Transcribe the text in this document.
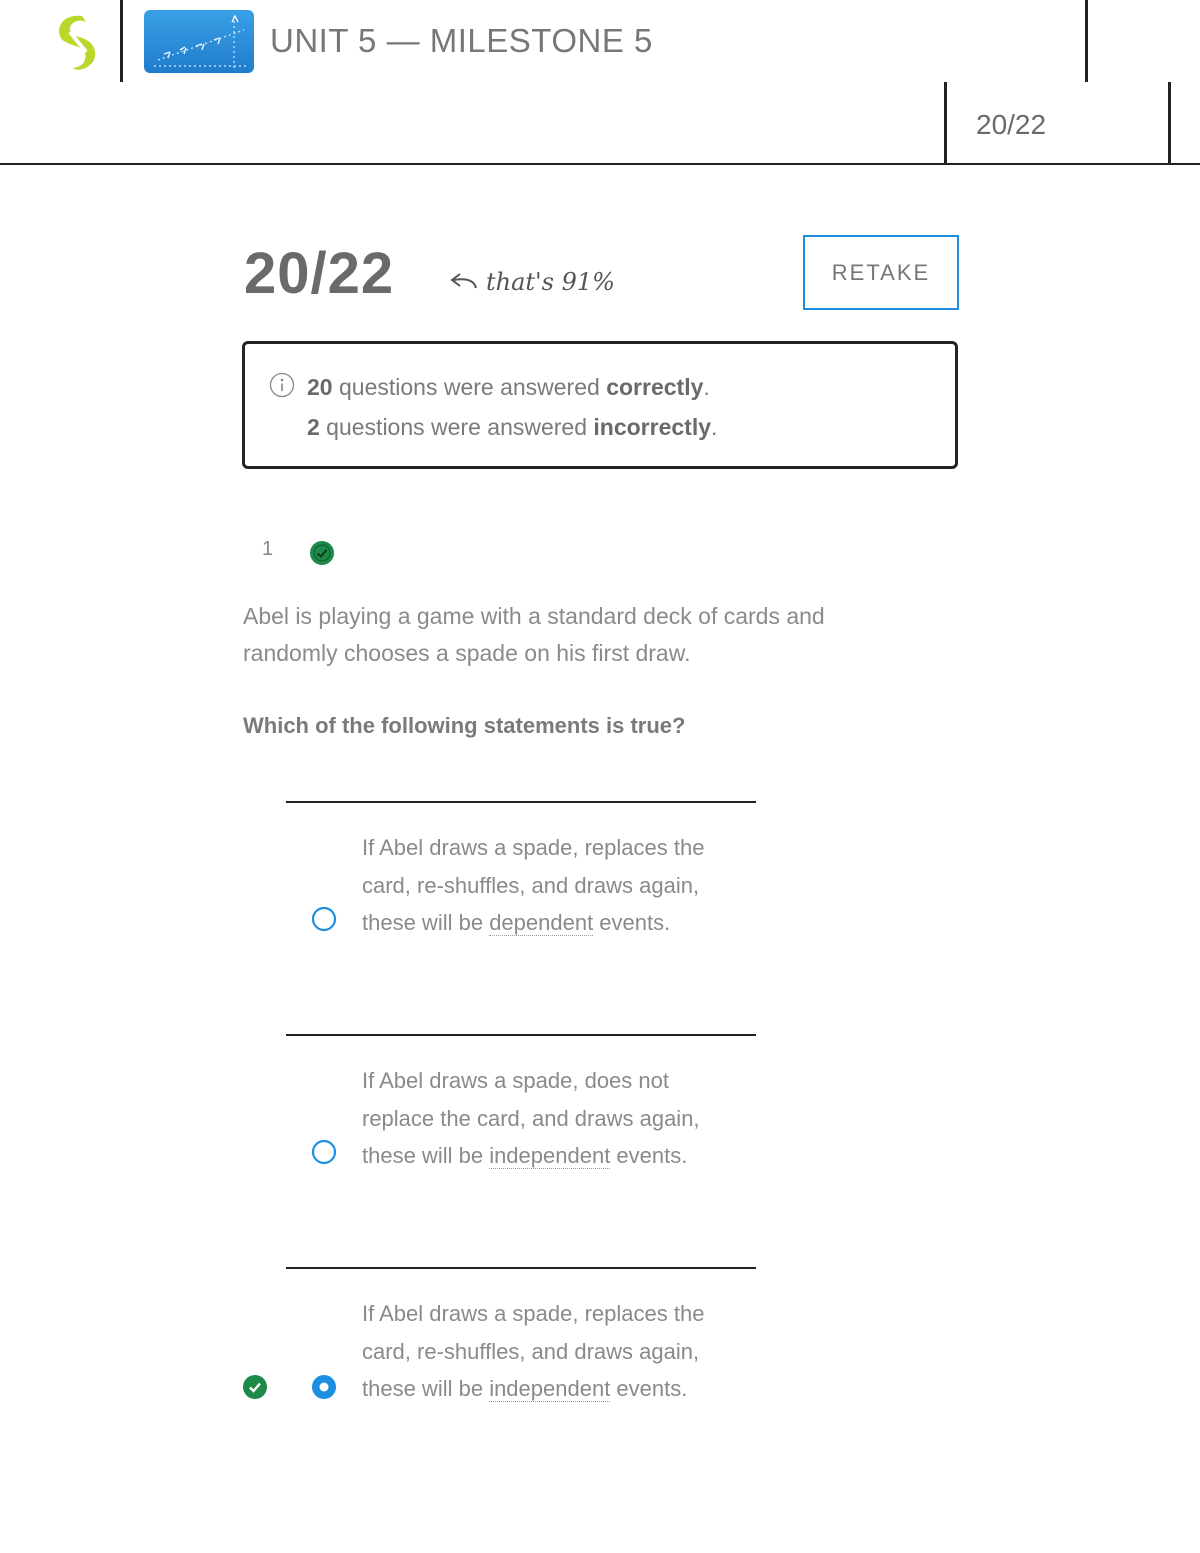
UNIT 5 — MILESTONE 5
20/22
20/22	that's 91%	RETAKE
20 questions were answered correctly.
2 questions were answered incorrectly.
1
Abel is playing a game with a standard deck of cards and randomly chooses a spade on his first draw.
Which of the following statements is true?
If Abel draws a spade, replaces the card, re-shuffles, and draws again, these will be dependent events.
If Abel draws a spade, does not replace the card, and draws again, these will be independent events.
If Abel draws a spade, replaces the card, re-shuffles, and draws again, these will be independent events.
